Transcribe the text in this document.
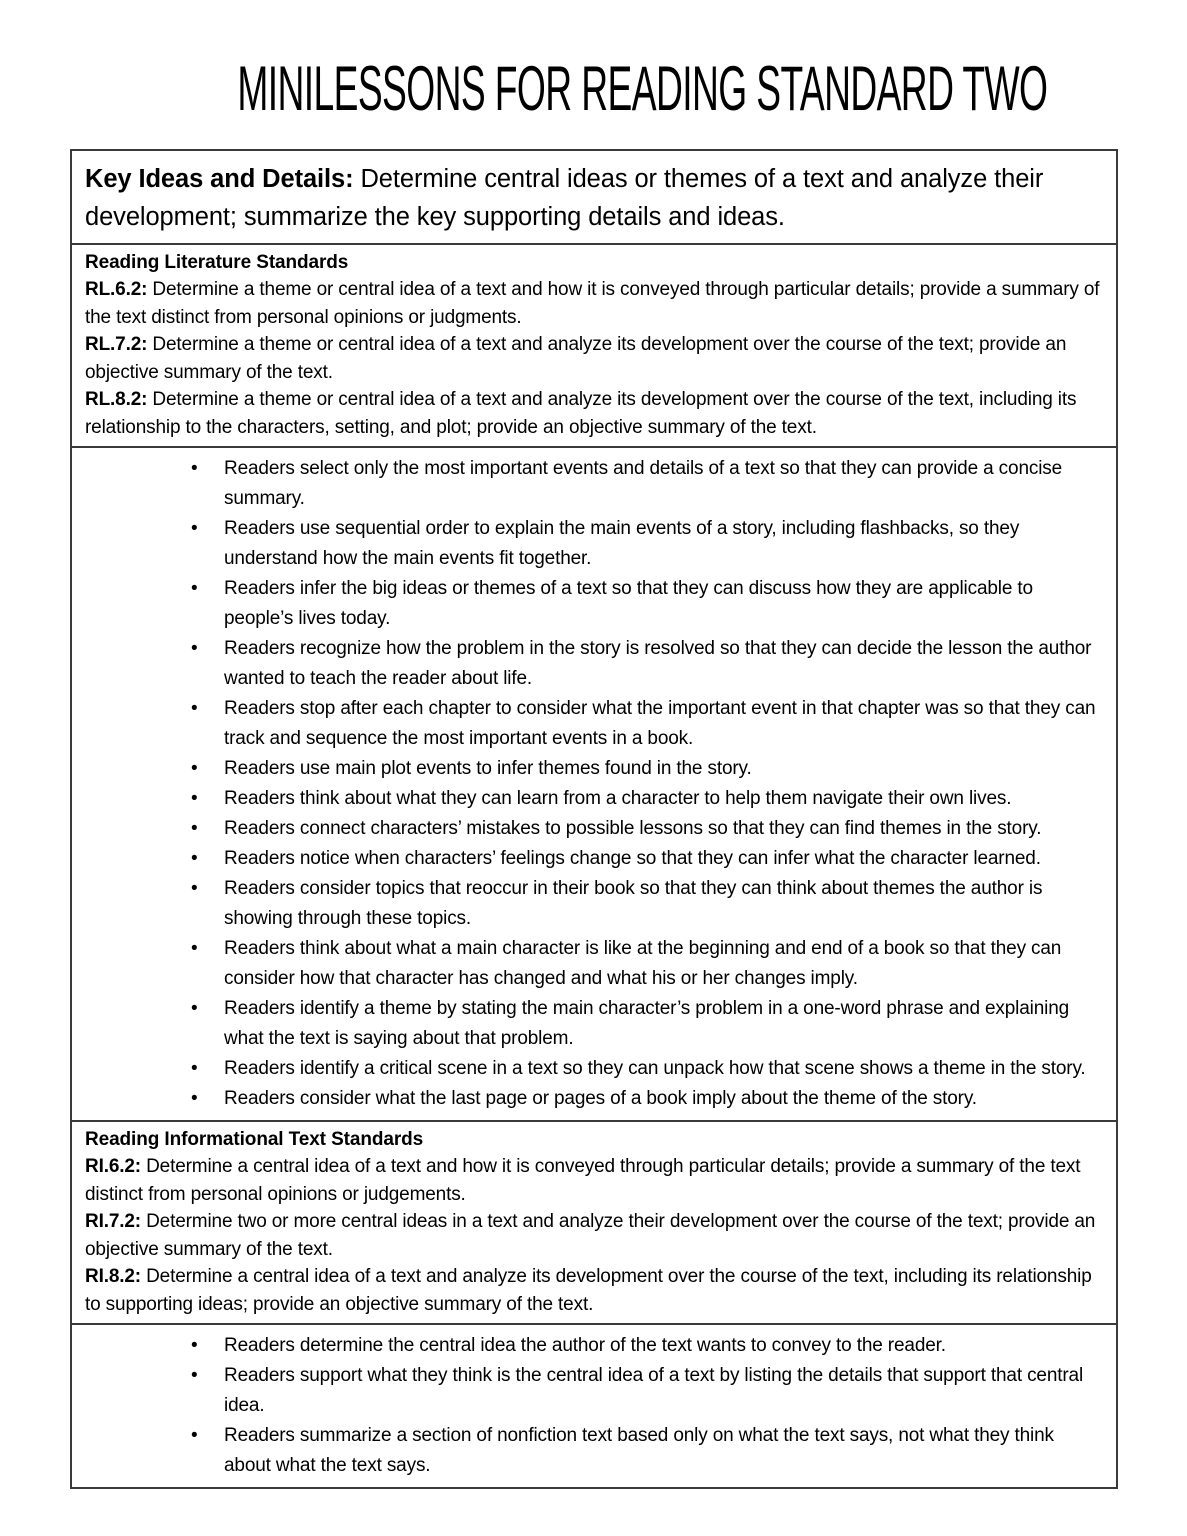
MINILESSONS FOR READING STANDARD TWO
Key Ideas and Details: Determine central ideas or themes of a text and analyze their development; summarize the key supporting details and ideas.
Reading Literature Standards
RL.6.2: Determine a theme or central idea of a text and how it is conveyed through particular details; provide a summary of the text distinct from personal opinions or judgments.
RL.7.2: Determine a theme or central idea of a text and analyze its development over the course of the text; provide an objective summary of the text.
RL.8.2: Determine a theme or central idea of a text and analyze its development over the course of the text, including its relationship to the characters, setting, and plot; provide an objective summary of the text.
• Readers select only the most important events and details of a text so that they can provide a concise summary.
• Readers use sequential order to explain the main events of a story, including flashbacks, so they understand how the main events fit together.
• Readers infer the big ideas or themes of a text so that they can discuss how they are applicable to people’s lives today.
• Readers recognize how the problem in the story is resolved so that they can decide the lesson the author wanted to teach the reader about life.
• Readers stop after each chapter to consider what the important event in that chapter was so that they can track and sequence the most important events in a book.
• Readers use main plot events to infer themes found in the story.
• Readers think about what they can learn from a character to help them navigate their own lives.
• Readers connect characters’ mistakes to possible lessons so that they can find themes in the story.
• Readers notice when characters’ feelings change so that they can infer what the character learned.
• Readers consider topics that reoccur in their book so that they can think about themes the author is showing through these topics.
• Readers think about what a main character is like at the beginning and end of a book so that they can consider how that character has changed and what his or her changes imply.
• Readers identify a theme by stating the main character’s problem in a one-word phrase and explaining what the text is saying about that problem.
• Readers identify a critical scene in a text so they can unpack how that scene shows a theme in the story.
• Readers consider what the last page or pages of a book imply about the theme of the story.
Reading Informational Text Standards
RI.6.2: Determine a central idea of a text and how it is conveyed through particular details; provide a summary of the text distinct from personal opinions or judgements.
RI.7.2: Determine two or more central ideas in a text and analyze their development over the course of the text; provide an objective summary of the text.
RI.8.2: Determine a central idea of a text and analyze its development over the course of the text, including its relationship to supporting ideas; provide an objective summary of the text.
• Readers determine the central idea the author of the text wants to convey to the reader.
• Readers support what they think is the central idea of a text by listing the details that support that central idea.
• Readers summarize a section of nonfiction text based only on what the text says, not what they think about what the text says.
